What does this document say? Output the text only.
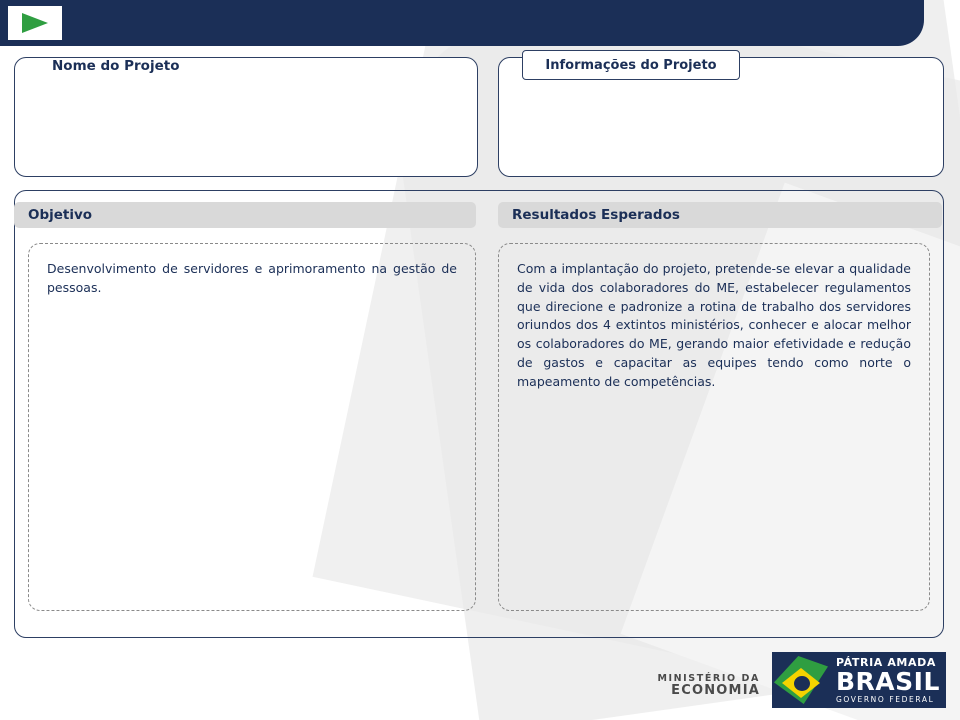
Nome do Projeto	Informações do Projeto
Objetivo	Resultados Esperados
Desenvolvimento de servidores e aprimoramento na gestão de pessoas.
Com a implantação do projeto, pretende-se elevar a qualidade de vida dos colaboradores do ME, estabelecer regulamentos que direcione e padronize a rotina de trabalho dos servidores oriundos dos 4 extintos ministérios, conhecer e alocar melhor os colaboradores do ME, gerando maior efetividade e redução de gastos e capacitar as equipes tendo como norte o mapeamento de competências.
MINISTÉRIO DA
ECONOMIA
PÁTRIA AMADA
BRASIL
GOVERNO FEDERAL
